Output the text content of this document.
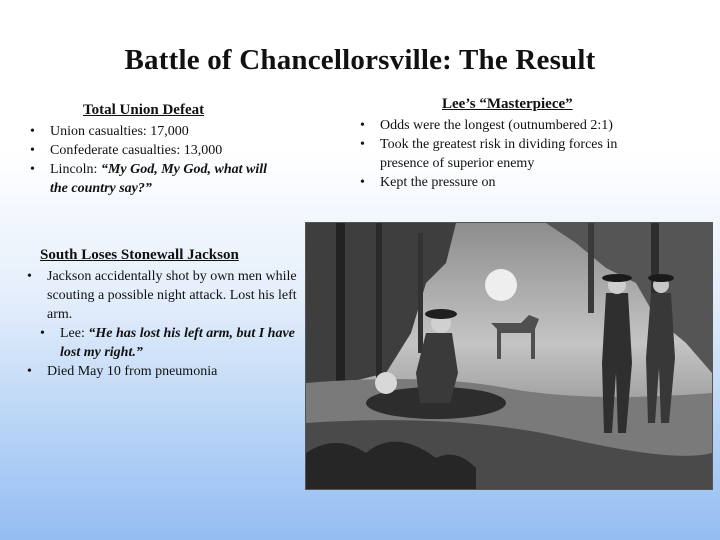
Battle of Chancellorsville: The Result
Total Union Defeat
• Union casualties: 17,000
• Confederate casualties: 13,000
• Lincoln: “My God, My God, what will the country say?”
Lee’s “Masterpiece”
• Odds were the longest (outnumbered 2:1)
• Took the greatest risk in dividing forces in presence of superior enemy
• Kept the pressure on
South Loses Stonewall Jackson
• Jackson accidentally shot by own men while scouting a possible night attack. Lost his left arm.
• Lee: “He has lost his left arm, but I have lost my right.”
• Died May 10 from pneumonia
